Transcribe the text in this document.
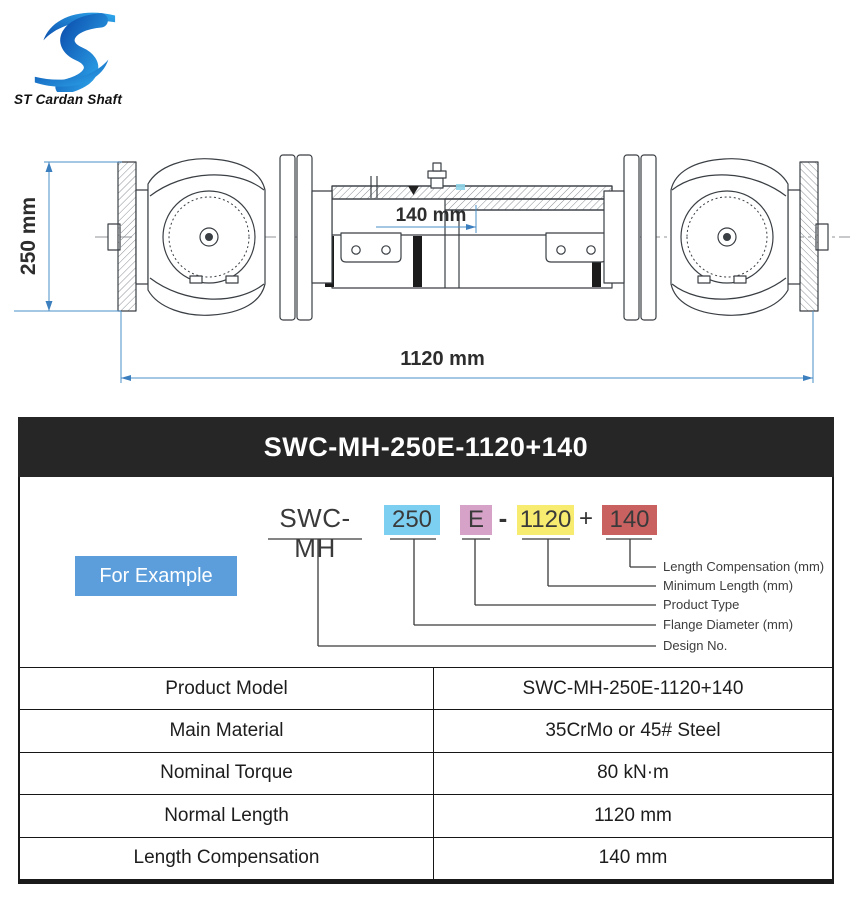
ST Cardan Shaft
250 mm	140 mm
1120 mm
SWC-MH-250E-1120+140
For Example
SWC-MH
250	E - 1120 + 140
Length Compensation (mm)
Minimum Length (mm)
Product Type
Flange Diameter (mm)
Design No.
Product Model	SWC-MH-250E-1120+140
Main Material	35CrMo or 45# Steel
Nominal Torque	80 kN·m
Normal Length	1120 mm
Length Compensation	140 mm
